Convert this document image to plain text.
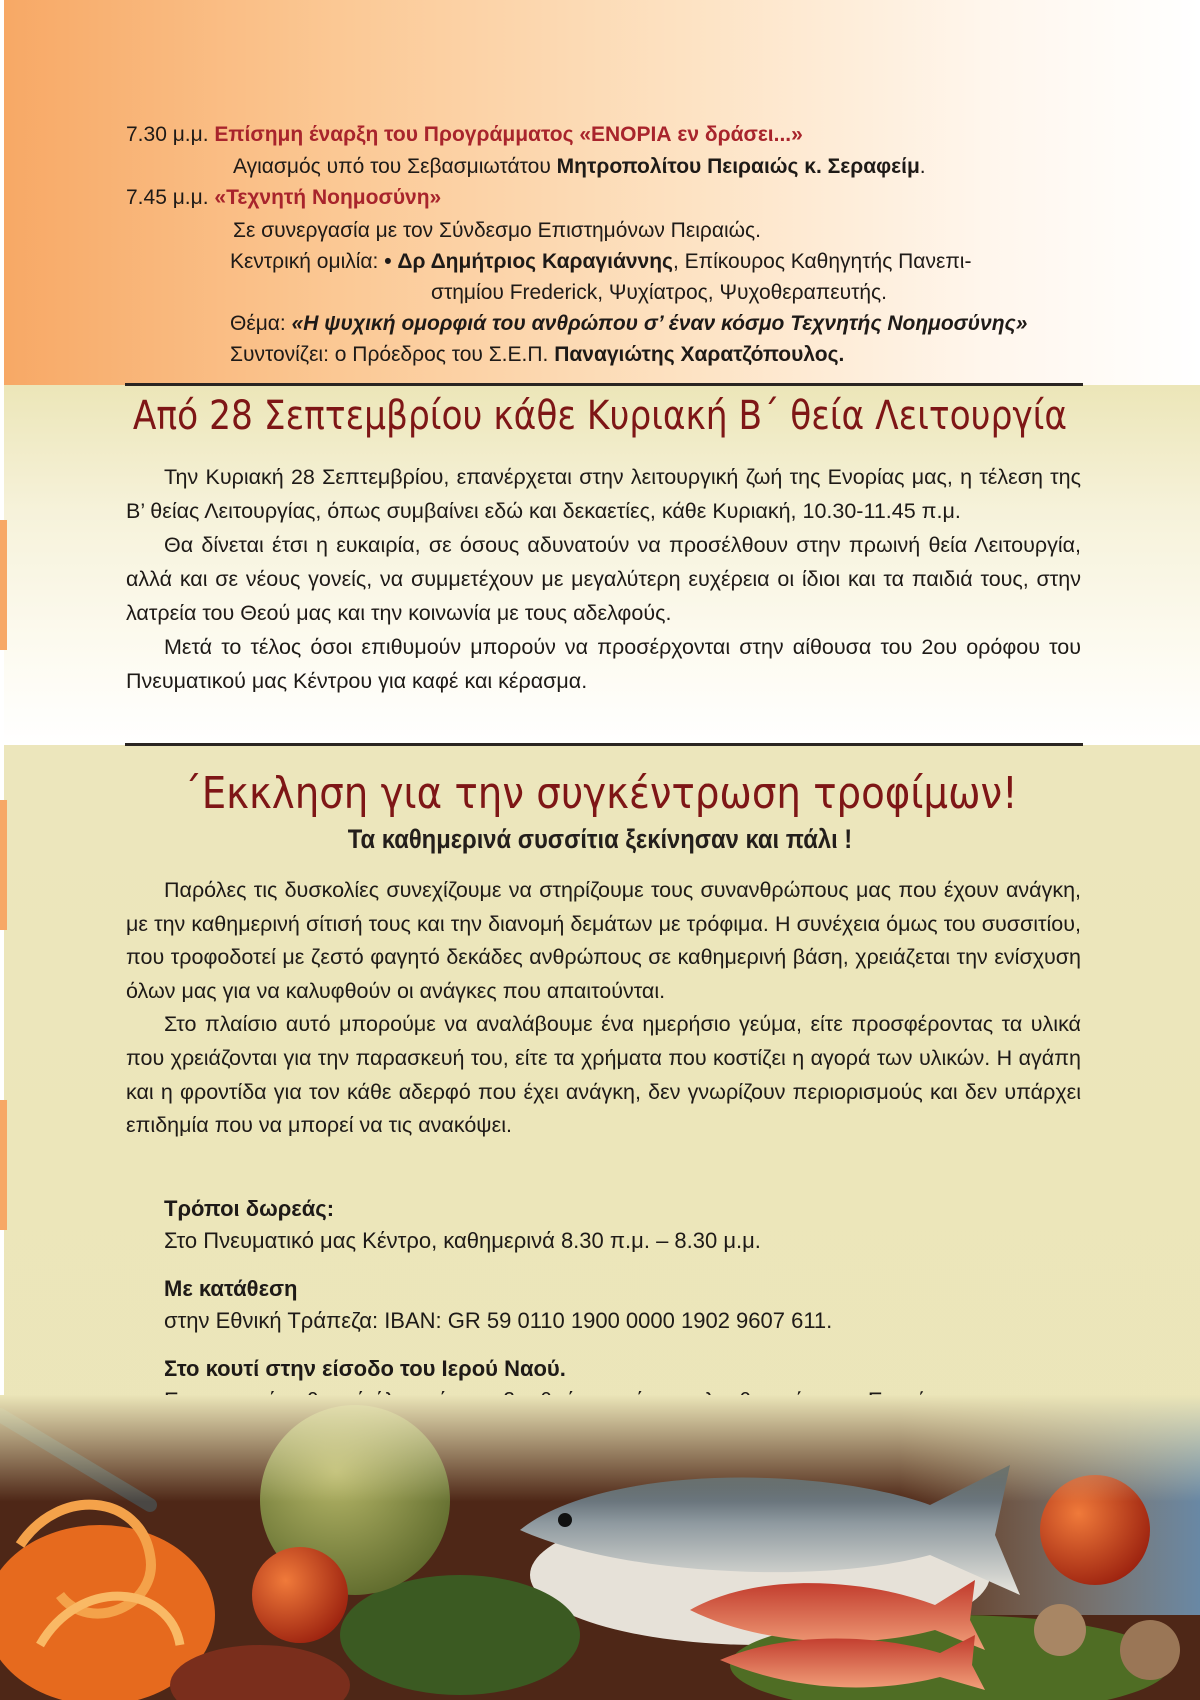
7.30 μ.μ. Επίσημη έναρξη του Προγράμματος «ΕΝΟΡΙΑ εν δράσει...»
Αγιασμός υπό του Σεβασμιωτάτου Μητροπολίτου Πειραιώς κ. Σεραφείμ.
7.45 μ.μ. «Τεχνητή Νοημοσύνη»
Σε συνεργασία με τον Σύνδεσμο Επιστημόνων Πειραιώς.
Κεντρική ομιλία: • Δρ Δημήτριος Καραγιάννης, Επίκουρος Καθηγητής Πανεπι-
στημίου Frederick, Ψυχίατρος, Ψυχοθεραπευτής.
Θέμα: «Η ψυχική ομορφιά του ανθρώπου σ’ έναν κόσμο Τεχνητής Νοημοσύνης»
Συντονίζει: ο Πρόεδρος του Σ.Ε.Π. Παναγιώτης Χαρατζόπουλος.
Από 28 Σεπτεμβρίου κάθε Κυριακή Β΄ θεία Λειτουργία

Την Κυριακή 28 Σεπτεμβρίου, επανέρχεται στην λειτουργική ζωή της Ενορίας μας, η τέλεση της Β’ θείας Λειτουργίας, όπως συμβαίνει εδώ και δεκαετίες, κάθε Κυριακή, 10.30-11.45 π.μ.

Θα δίνεται έτσι η ευκαιρία, σε όσους αδυνατούν να προσέλθουν στην πρωινή θεία Λειτουργία, αλλά και σε νέους γονείς, να συμμετέχουν με μεγαλύτερη ευχέρεια οι ίδιοι και τα παιδιά τους, στην λατρεία του Θεού μας και την κοινωνία με τους αδελφούς.

Μετά το τέλος όσοι επιθυμούν μπορούν να προσέρχονται στην αίθουσα του 2ου ορόφου του Πνευματικού μας Κέντρου για καφέ και κέρασμα.

΄Εκκληση για την συγκέντρωση τροφίμων!
Τα καθημερινά συσσίτια ξεκίνησαν και πάλι !

Παρόλες τις δυσκολίες συνεχίζουμε να στηρίζουμε τους συνανθρώπους μας που έχουν ανάγκη, με την καθημερινή σίτισή τους και την διανομή δεμάτων με τρόφιμα. Η συνέχεια όμως του συσσιτίου, που τροφοδοτεί με ζεστό φαγητό δεκάδες ανθρώπους σε καθημερινή βάση, χρειάζεται την ενίσχυση όλων μας για να καλυφθούν οι ανάγκες που απαιτούνται.

Στο πλαίσιο αυτό μπορούμε να αναλάβουμε ένα ημερήσιο γεύμα, είτε προσφέροντας τα υλικά που χρειάζονται για την παρασκευή του, είτε τα χρήματα που κοστίζει η αγορά των υλικών. Η αγάπη και η φροντίδα για τον κάθε αδερφό που έχει ανάγκη, δεν γνωρίζουν περιορισμούς και δεν υπάρχει επιδημία που να μπορεί να τις ανακόψει.

Τρόποι δωρεάς:
Στο Πνευματικό μας Κέντρο, καθημερινά 8.30 π.μ. – 8.30 μ.μ.
Με κατάθεση
στην Εθνική Τράπεζα: IBAN: GR 59 0110 1900 0000 1902 9607 611.
Στο κουτί στην είσοδο του Ιερού Ναού.
